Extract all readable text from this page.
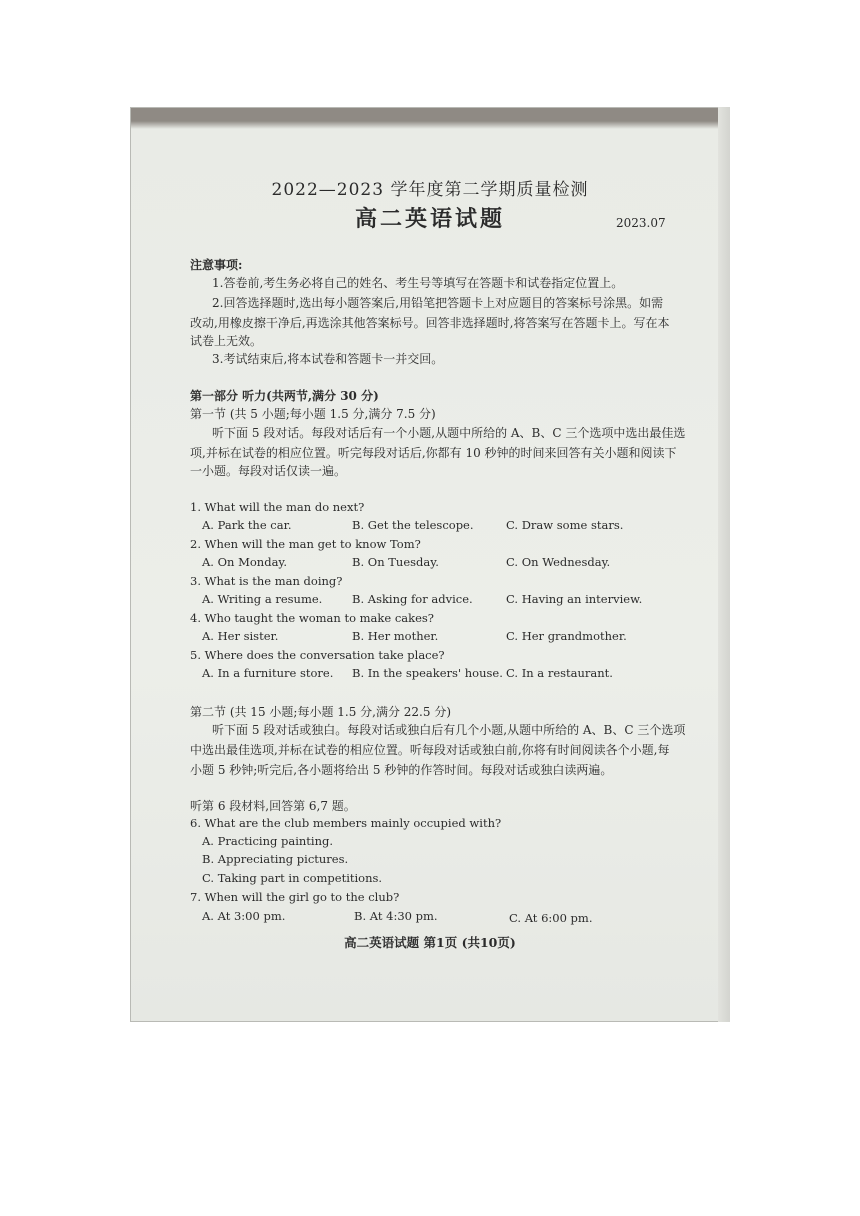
2022—2023 学年度第二学期质量检测
高二英语试题	2023.07
注意事项:
1.答卷前,考生务必将自己的姓名、考生号等填写在答题卡和试卷指定位置上。
2.回答选择题时,选出每小题答案后,用铅笔把答题卡上对应题目的答案标号涂黑。如需
改动,用橡皮擦干净后,再选涂其他答案标号。回答非选择题时,将答案写在答题卡上。写在本
试卷上无效。
3.考试结束后,将本试卷和答题卡一并交回。
第一部分 听力(共两节,满分 30 分)
第一节 (共 5 小题;每小题 1.5 分,满分 7.5 分)
听下面 5 段对话。每段对话后有一个小题,从题中所给的 A、B、C 三个选项中选出最佳选
项,并标在试卷的相应位置。听完每段对话后,你都有 10 秒钟的时间来回答有关小题和阅读下
一小题。每段对话仅读一遍。
1. What will the man do next?
A. Park the car.	B. Get the telescope.	C. Draw some stars.
2. When will the man get to know Tom?
A. On Monday.	B. On Tuesday.	C. On Wednesday.
3. What is the man doing?
A. Writing a resume.	B. Asking for advice.	C. Having an interview.
4. Who taught the woman to make cakes?
A. Her sister.	B. Her mother.	C. Her grandmother.
5. Where does the conversation take place?
A. In a furniture store. B. In the speakers' house. C. In a restaurant.
第二节 (共 15 小题;每小题 1.5 分,满分 22.5 分)
听下面 5 段对话或独白。每段对话或独白后有几个小题,从题中所给的 A、B、C 三个选项
中选出最佳选项,并标在试卷的相应位置。听每段对话或独白前,你将有时间阅读各个小题,每
小题 5 秒钟;听完后,各小题将给出 5 秒钟的作答时间。每段对话或独白读两遍。
听第 6 段材料,回答第 6,7 题。
6. What are the club members mainly occupied with?
A. Practicing painting.
B. Appreciating pictures.
C. Taking part in competitions.
7. When will the girl go to the club?
A. At 3:00 pm.	B. At 4:30 pm.	C. At 6:00 pm.
高二英语试题 第1页 (共10页)
